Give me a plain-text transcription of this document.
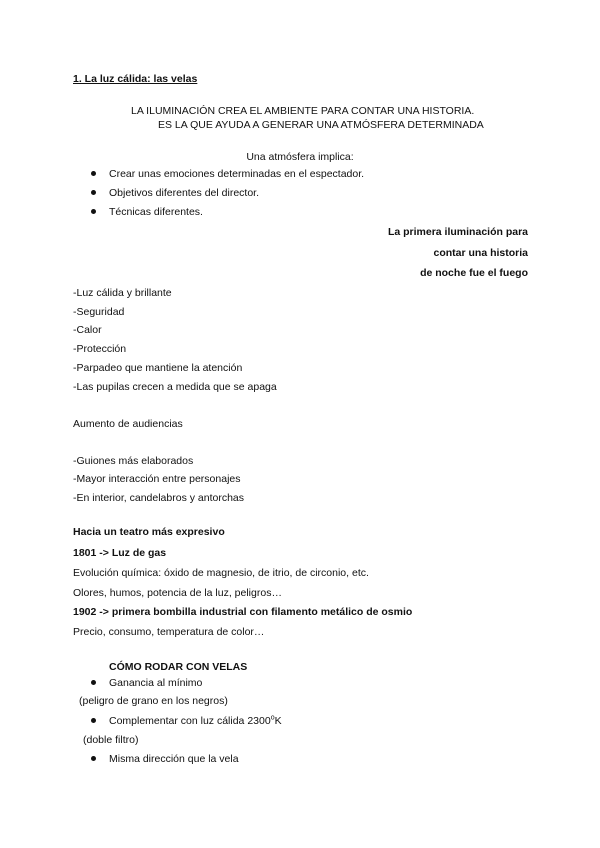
1. La luz cálida: las velas
LA ILUMINACIÓN CREA EL AMBIENTE PARA CONTAR UNA HISTORIA.
ES LA QUE AYUDA A GENERAR UNA ATMÓSFERA DETERMINADA
Una atmósfera implica:
Crear unas emociones determinadas en el espectador.
Objetivos diferentes del director.
Técnicas diferentes.
La primera iluminación para
contar una historia
de noche fue el fuego
-Luz cálida y brillante
-Seguridad
-Calor
-Protección
-Parpadeo que mantiene la atención
-Las pupilas crecen a medida que se apaga
Aumento de audiencias
-Guiones más elaborados
-Mayor interacción entre personajes
-En interior, candelabros y antorchas
Hacia un teatro más expresivo
1801 -> Luz de gas
Evolución química: óxido de magnesio, de itrio, de circonio, etc.
Olores, humos, potencia de la luz, peligros…
1902 -> primera bombilla industrial con filamento metálico de osmio
Precio, consumo, temperatura de color…
CÓMO RODAR CON VELAS
Ganancia al mínimo
(peligro de grano en los negros)
Complementar con luz cálida 2300$^o$K
(doble filtro)
Misma dirección que la vela
